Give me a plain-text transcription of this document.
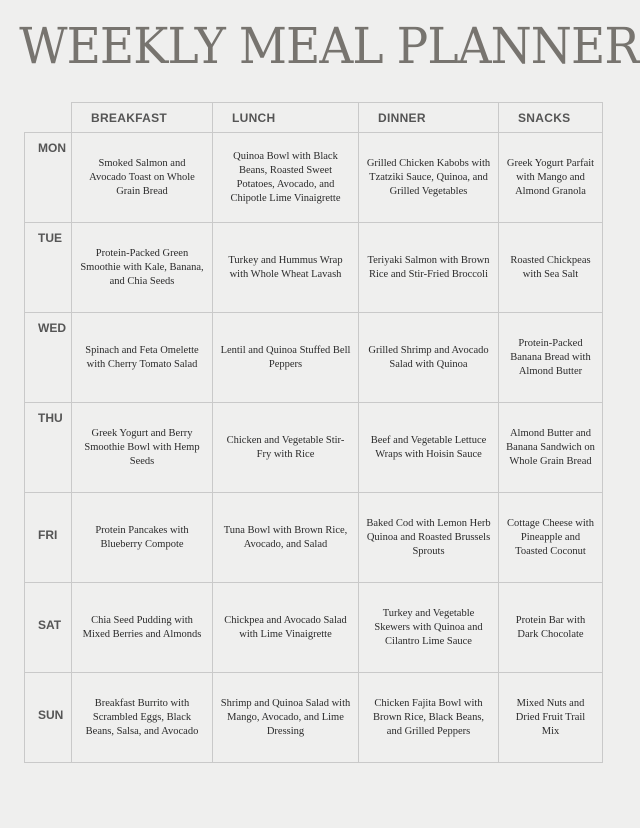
WEEKLY MEAL PLANNER
	BREAKFAST	LUNCH	DINNER	SNACKS
MON	Smoked Salmon and Avocado Toast on Whole Grain Bread	Quinoa Bowl with Black Beans, Roasted Sweet Potatoes, Avocado, and Chipotle Lime Vinaigrette	Grilled Chicken Kabobs with Tzatziki Sauce, Quinoa, and Grilled Vegetables	Greek Yogurt Parfait with Mango and Almond Granola
TUE	Protein-Packed Green Smoothie with Kale, Banana, and Chia Seeds	Turkey and Hummus Wrap with Whole Wheat Lavash	Teriyaki Salmon with Brown Rice and Stir-Fried Broccoli	Roasted Chickpeas with Sea Salt
WED	Spinach and Feta Omelette with Cherry Tomato Salad	Lentil and Quinoa Stuffed Bell Peppers	Grilled Shrimp and Avocado Salad with Quinoa	Protein-Packed Banana Bread with Almond Butter
THU	Greek Yogurt and Berry Smoothie Bowl with Hemp Seeds	Chicken and Vegetable Stir-Fry with Rice	Beef and Vegetable Lettuce Wraps with Hoisin Sauce	Almond Butter and Banana Sandwich on Whole Grain Bread
FRI	Protein Pancakes with Blueberry Compote	Tuna Bowl with Brown Rice, Avocado, and Salad	Baked Cod with Lemon Herb Quinoa and Roasted Brussels Sprouts	Cottage Cheese with Pineapple and Toasted Coconut
SAT	Chia Seed Pudding with Mixed Berries and Almonds	Chickpea and Avocado Salad with Lime Vinaigrette	Turkey and Vegetable Skewers with Quinoa and Cilantro Lime Sauce	Protein Bar with Dark Chocolate
SUN	Breakfast Burrito with Scrambled Eggs, Black Beans, Salsa, and Avocado	Shrimp and Quinoa Salad with Mango, Avocado, and Lime Dressing	Chicken Fajita Bowl with Brown Rice, Black Beans, and Grilled Peppers	Mixed Nuts and Dried Fruit Trail Mix
